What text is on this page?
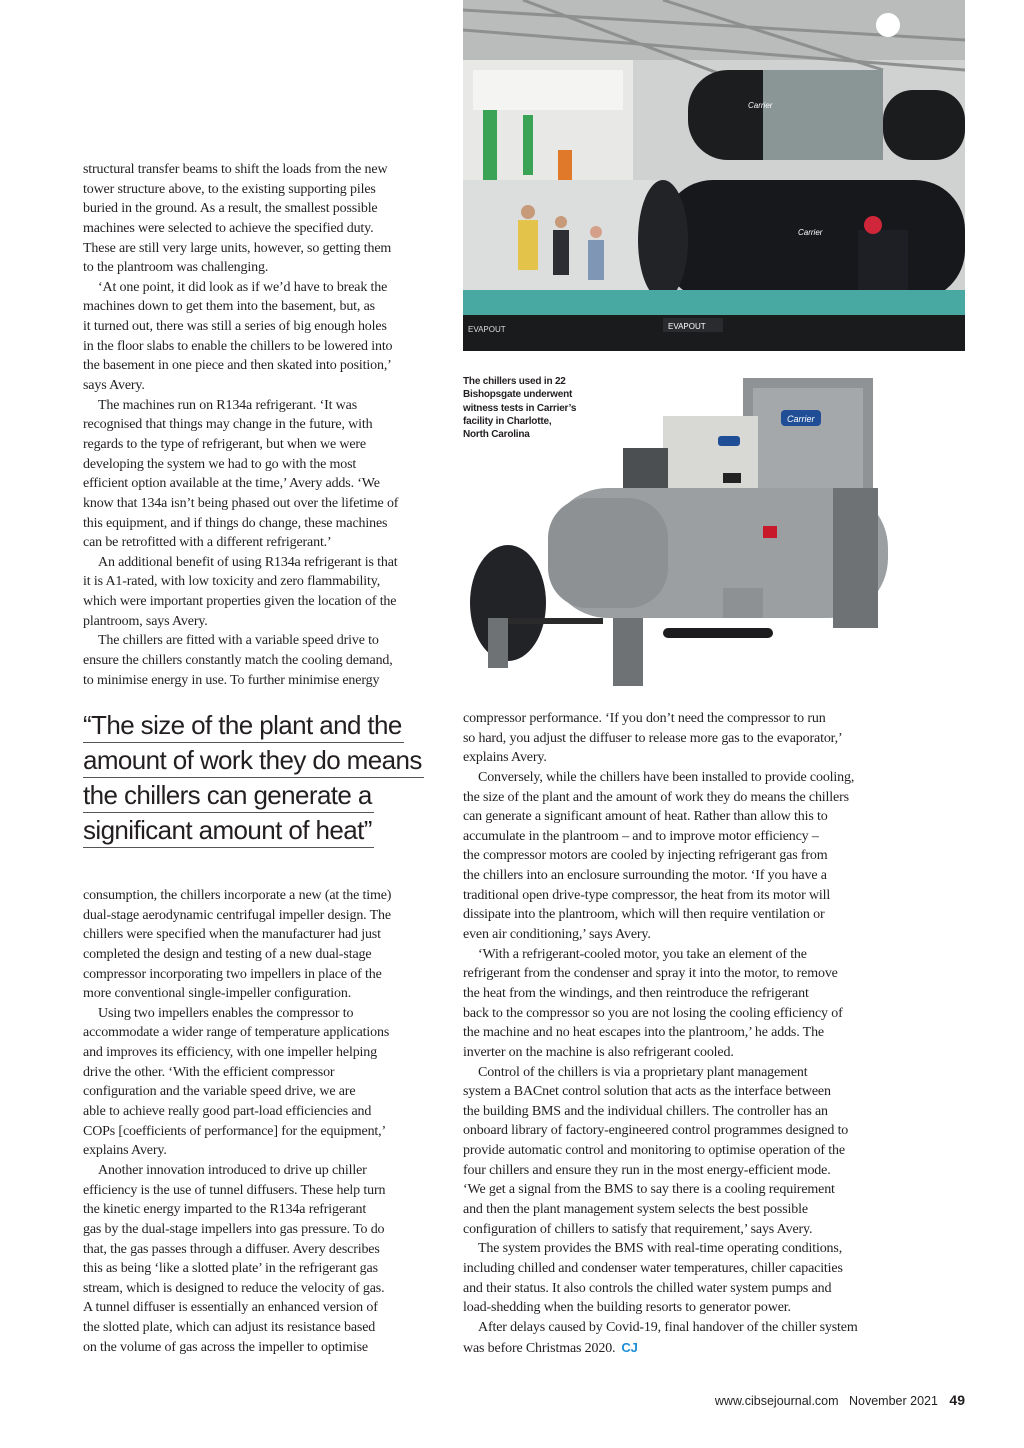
Carrier
Carrier
EVAPOUT
EVAPOUT
Carrier
structural transfer beams to shift the loads from the new
tower structure above, to the existing supporting piles
buried in the ground. As a result, the smallest possible
machines were selected to achieve the specified duty.
These are still very large units, however, so getting them
to the plantroom was challenging.
‘At one point, it did look as if we’d have to break the
machines down to get them into the basement, but, as
it turned out, there was still a series of big enough holes
in the floor slabs to enable the chillers to be lowered into
the basement in one piece and then skated into position,’
says Avery.
The machines run on R134a refrigerant. ‘It was
recognised that things may change in the future, with
regards to the type of refrigerant, but when we were
developing the system we had to go with the most
efficient option available at the time,’ Avery adds. ‘We
know that 134a isn’t being phased out over the lifetime of
this equipment, and if things do change, these machines
can be retrofitted with a different refrigerant.’
An additional benefit of using R134a refrigerant is that
it is A1-rated, with low toxicity and zero flammability,
which were important properties given the location of the
plantroom, says Avery.
The chillers are fitted with a variable speed drive to
ensure the chillers constantly match the cooling demand,
to minimise energy in use. To further minimise energy
“The size of the plant and the
amount of work they do means
the chillers can generate a
significant amount of heat”
consumption, the chillers incorporate a new (at the time)
dual-stage aerodynamic centrifugal impeller design. The
chillers were specified when the manufacturer had just
completed the design and testing of a new dual-stage
compressor incorporating two impellers in place of the
more conventional single-impeller configuration.
Using two impellers enables the compressor to
accommodate a wider range of temperature applications
and improves its efficiency, with one impeller helping
drive the other. ‘With the efficient compressor
configuration and the variable speed drive, we are
able to achieve really good part-load efficiencies and
COPs [coefficients of performance] for the equipment,’
explains Avery.
Another innovation introduced to drive up chiller
efficiency is the use of tunnel diffusers. These help turn
the kinetic energy imparted to the R134a refrigerant
gas by the dual-stage impellers into gas pressure. To do
that, the gas passes through a diffuser. Avery describes
this as being ‘like a slotted plate’ in the refrigerant gas
stream, which is designed to reduce the velocity of gas.
A tunnel diffuser is essentially an enhanced version of
the slotted plate, which can adjust its resistance based
on the volume of gas across the impeller to optimise
compressor performance. ‘If you don’t need the compressor to run
so hard, you adjust the diffuser to release more gas to the evaporator,’
explains Avery.
Conversely, while the chillers have been installed to provide cooling,
the size of the plant and the amount of work they do means the chillers
can generate a significant amount of heat. Rather than allow this to
accumulate in the plantroom – and to improve motor efficiency –
the compressor motors are cooled by injecting refrigerant gas from
the chillers into an enclosure surrounding the motor. ‘If you have a
traditional open drive-type compressor, the heat from its motor will
dissipate into the plantroom, which will then require ventilation or
even air conditioning,’ says Avery.
‘With a refrigerant-cooled motor, you take an element of the
refrigerant from the condenser and spray it into the motor, to remove
the heat from the windings, and then reintroduce the refrigerant
back to the compressor so you are not losing the cooling efficiency of
the machine and no heat escapes into the plantroom,’ he adds. The
inverter on the machine is also refrigerant cooled.
Control of the chillers is via a proprietary plant management
system a BACnet control solution that acts as the interface between
the building BMS and the individual chillers. The controller has an
onboard library of factory-engineered control programmes designed to
provide automatic control and monitoring to optimise operation of the
four chillers and ensure they run in the most energy-efficient mode.
‘We get a signal from the BMS to say there is a cooling requirement
and then the plant management system selects the best possible
configuration of chillers to satisfy that requirement,’ says Avery.
The system provides the BMS with real-time operating conditions,
including chilled and condenser water temperatures, chiller capacities
and their status. It also controls the chilled water system pumps and
load-shedding when the building resorts to generator power.
After delays caused by Covid-19, final handover of the chiller system
was before Christmas 2020. CJ
The chillers used in 22
Bishopsgate underwent
witness tests in Carrier’s
facility in Charlotte,
North Carolina
www.cibsejournal.com November 2021 49
